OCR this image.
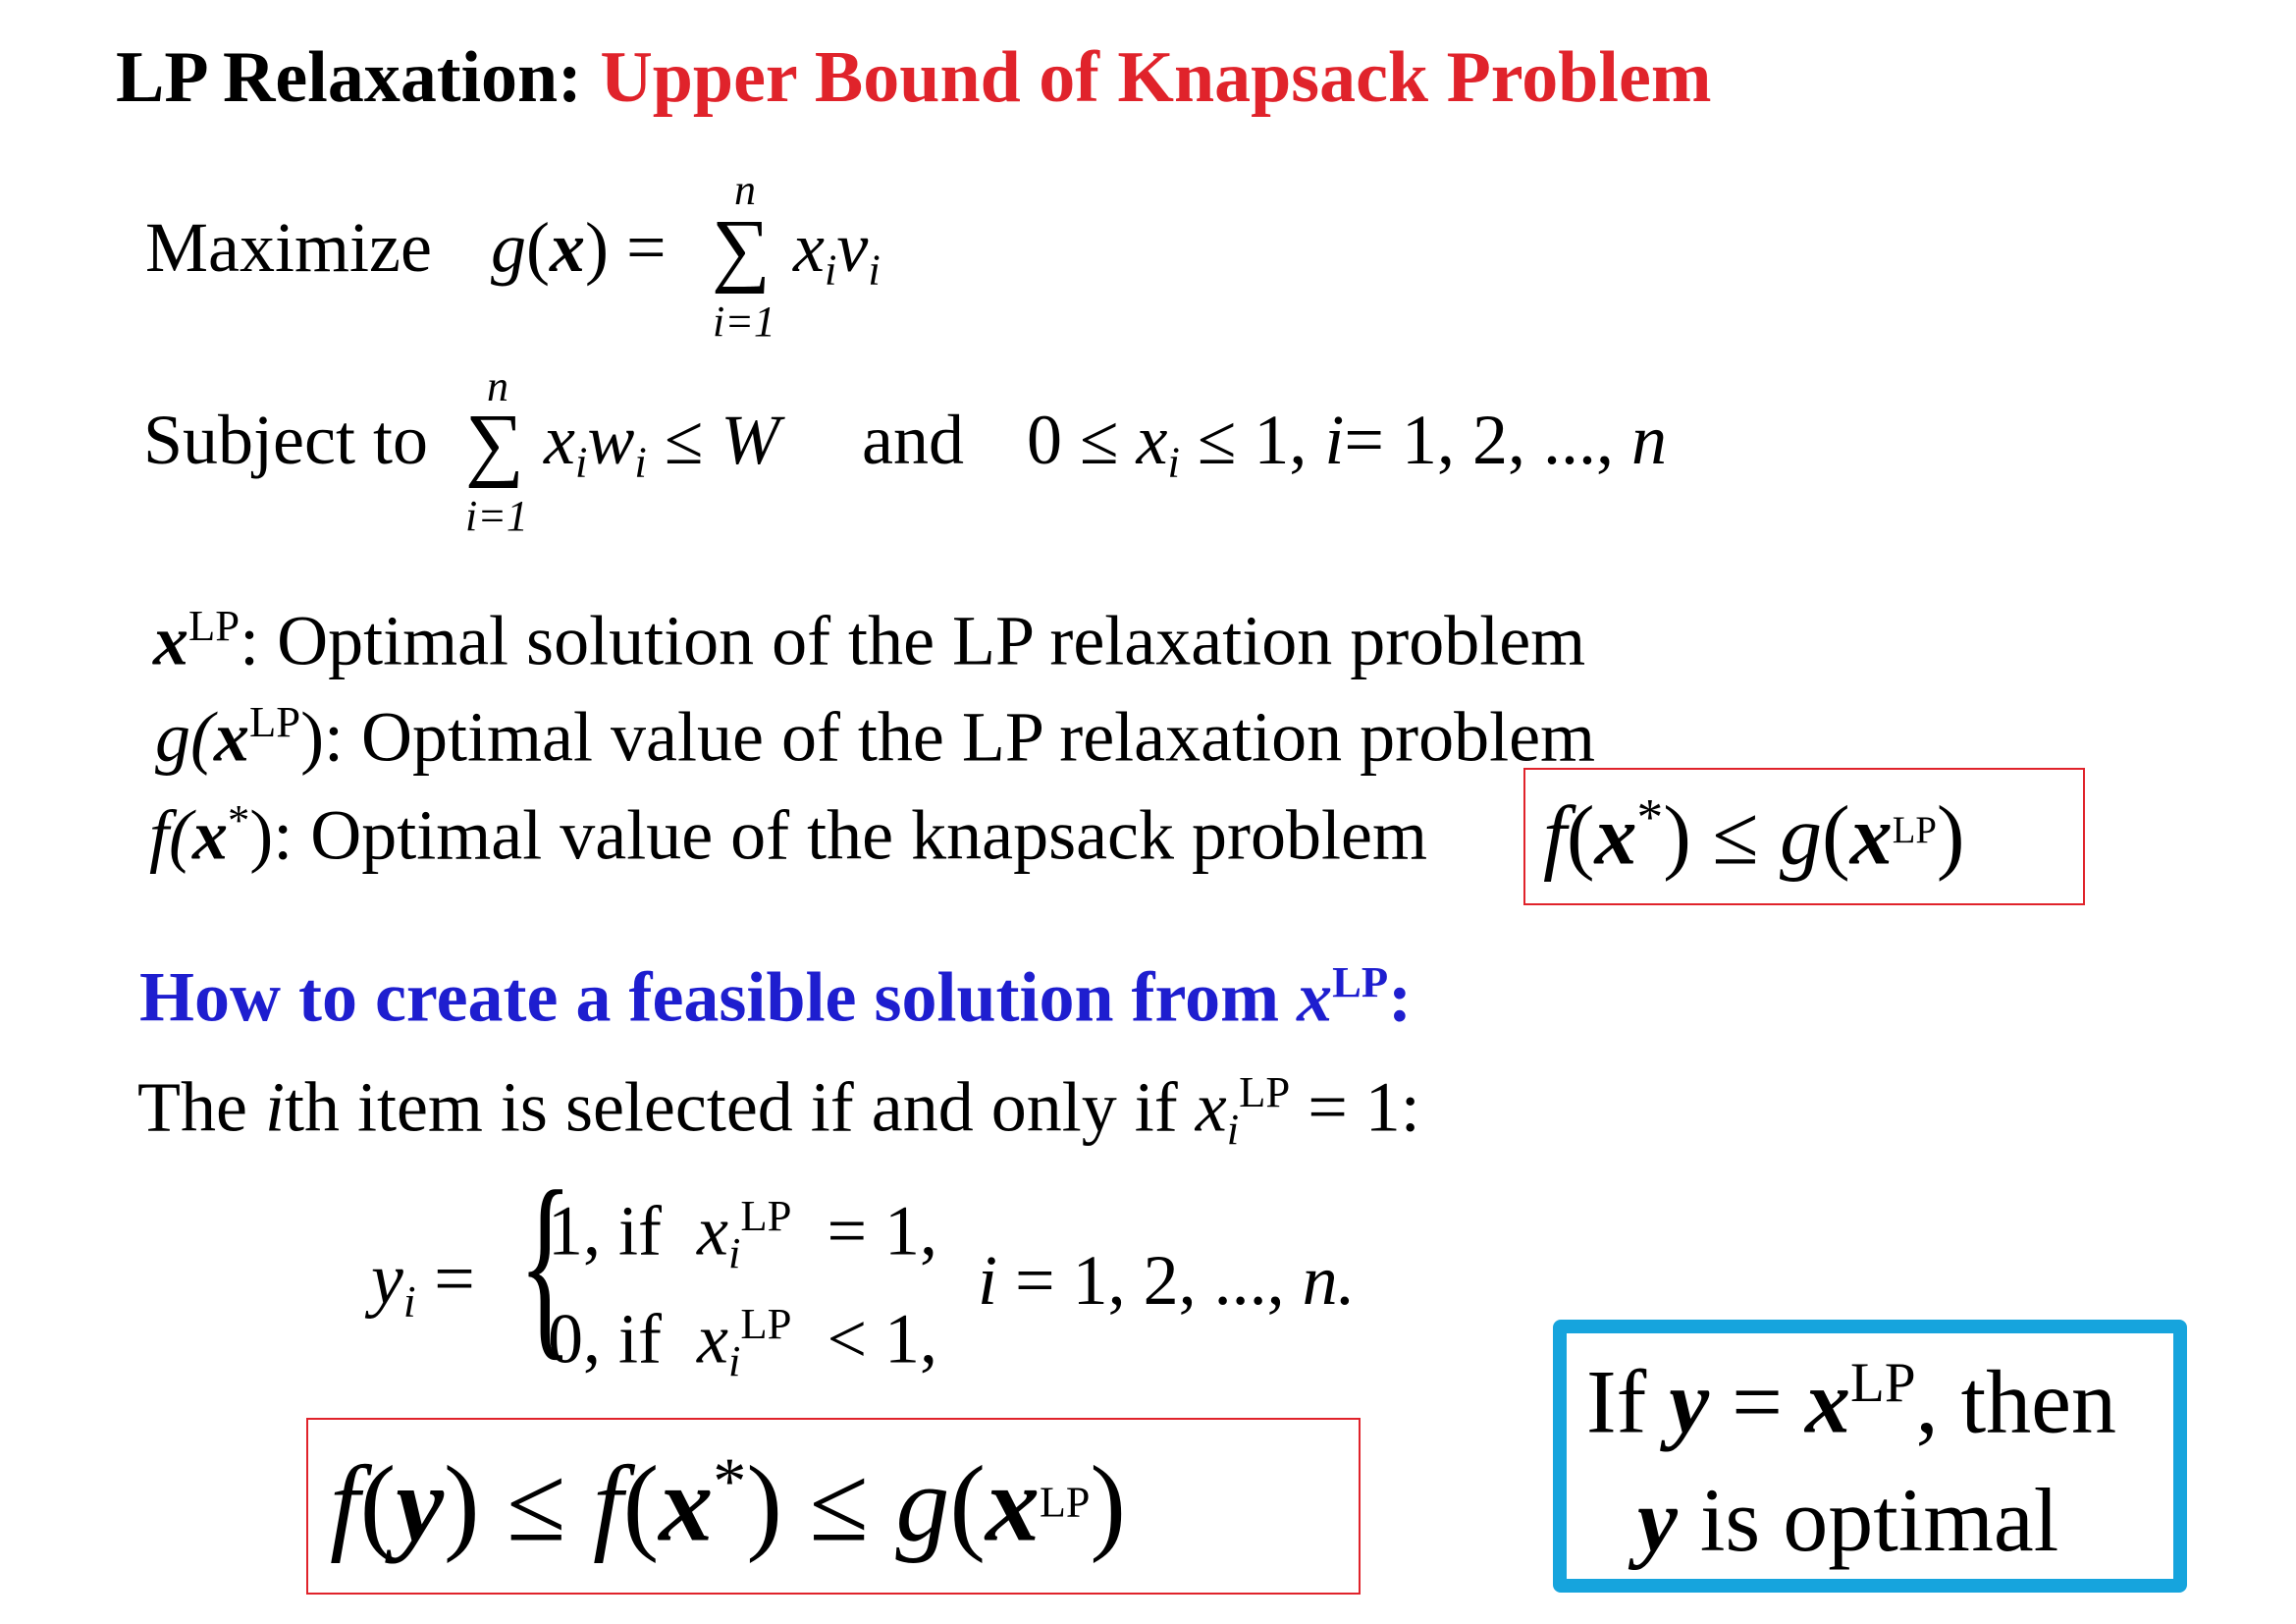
LP Relaxation: Upper Bound of Knapsack Problem
Maximize g(x) =
n
∑
i=1
$x_iv_i$
Subject to
n
∑
i=1
$x_iw_i \le W$ and $0 \le x_i \le 1$, i= 1, 2, ..., n
$x^{LP}$: Optimal solution of the LP relaxation problem
$g(x^{LP})$: Optimal value of the LP relaxation problem
f(x*): Optimal value of the knapsack problem $f(x^*) \le g(x^{LP})$
How to create a feasible solution from $x^{LP}$:
The ith item is selected if and only if $x_i^{LP} = 1$:
$y_i$ = {
1, if $x_i^{LP} = 1$,
0, if $x_i^{LP} < 1$,
i = 1, 2, ..., n.
$f(y) \le f(x^*) \le g(x^{LP})$
If $y = x^{LP}$, then
y is optimal
